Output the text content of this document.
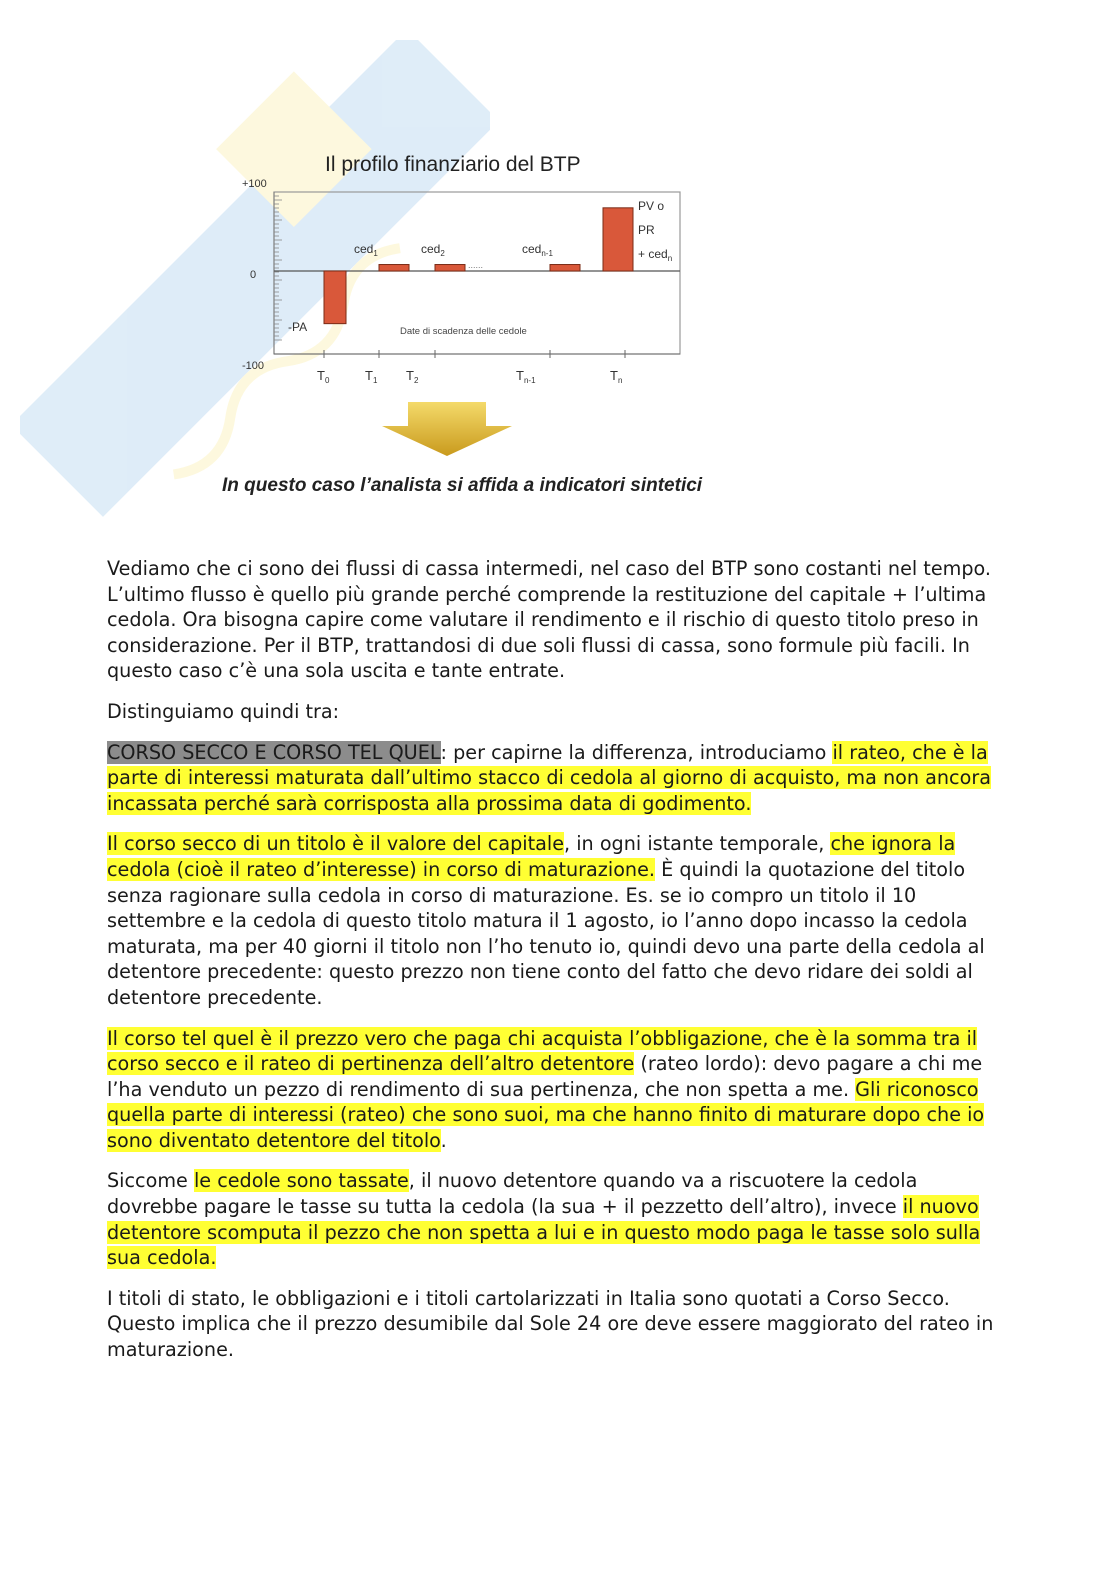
Il profilo finanziario del BTP
+100
0
-100
-PA
ced$_1$	ced$_2$
......
ced$_{n-1}$
PV o
PR
+ ced$_n$
Date di scadenza delle cedole
$T_0$	$T_1$ $T_2$	$T_{n-1}$	$T_n$
In questo caso l’analista si affida a indicatori sintetici

Vediamo che ci sono dei flussi di cassa intermedi, nel caso del BTP sono costanti nel tempo. L’ultimo flusso è quello più grande perché comprende la restituzione del capitale + l’ultima cedola. Ora bisogna capire come valutare il rendimento e il rischio di questo titolo preso in considerazione. Per il BTP, trattandosi di due soli flussi di cassa, sono formule più facili. In questo caso c’è una sola uscita e tante entrate.

Distinguiamo quindi tra:

CORSO SECCO E CORSO TEL QUEL: per capirne la differenza, introduciamo il rateo, che è la parte di interessi maturata dall’ultimo stacco di cedola al giorno di acquisto, ma non ancora incassata perché sarà corrisposta alla prossima data di godimento.

Il corso secco di un titolo è il valore del capitale, in ogni istante temporale, che ignora la cedola (cioè il rateo d’interesse) in corso di maturazione. È quindi la quotazione del titolo senza ragionare sulla cedola in corso di maturazione. Es. se io compro un titolo il 10 settembre e la cedola di questo titolo matura il 1 agosto, io l’anno dopo incasso la cedola maturata, ma per 40 giorni il titolo non l’ho tenuto io, quindi devo una parte della cedola al detentore precedente: questo prezzo non tiene conto del fatto che devo ridare dei soldi al detentore precedente.

Il corso tel quel è il prezzo vero che paga chi acquista l’obbligazione, che è la somma tra il corso secco e il rateo di pertinenza dell’altro detentore (rateo lordo): devo pagare a chi me l’ha venduto un pezzo di rendimento di sua pertinenza, che non spetta a me. Gli riconosco quella parte di interessi (rateo) che sono suoi, ma che hanno finito di maturare dopo che io sono diventato detentore del titolo.

Siccome le cedole sono tassate, il nuovo detentore quando va a riscuotere la cedola dovrebbe pagare le tasse su tutta la cedola (la sua + il pezzetto dell’altro), invece il nuovo detentore scomputa il pezzo che non spetta a lui e in questo modo paga le tasse solo sulla sua cedola.

I titoli di stato, le obbligazioni e i titoli cartolarizzati in Italia sono quotati a Corso Secco. Questo implica che il prezzo desumibile dal Sole 24 ore deve essere maggiorato del rateo in maturazione.
